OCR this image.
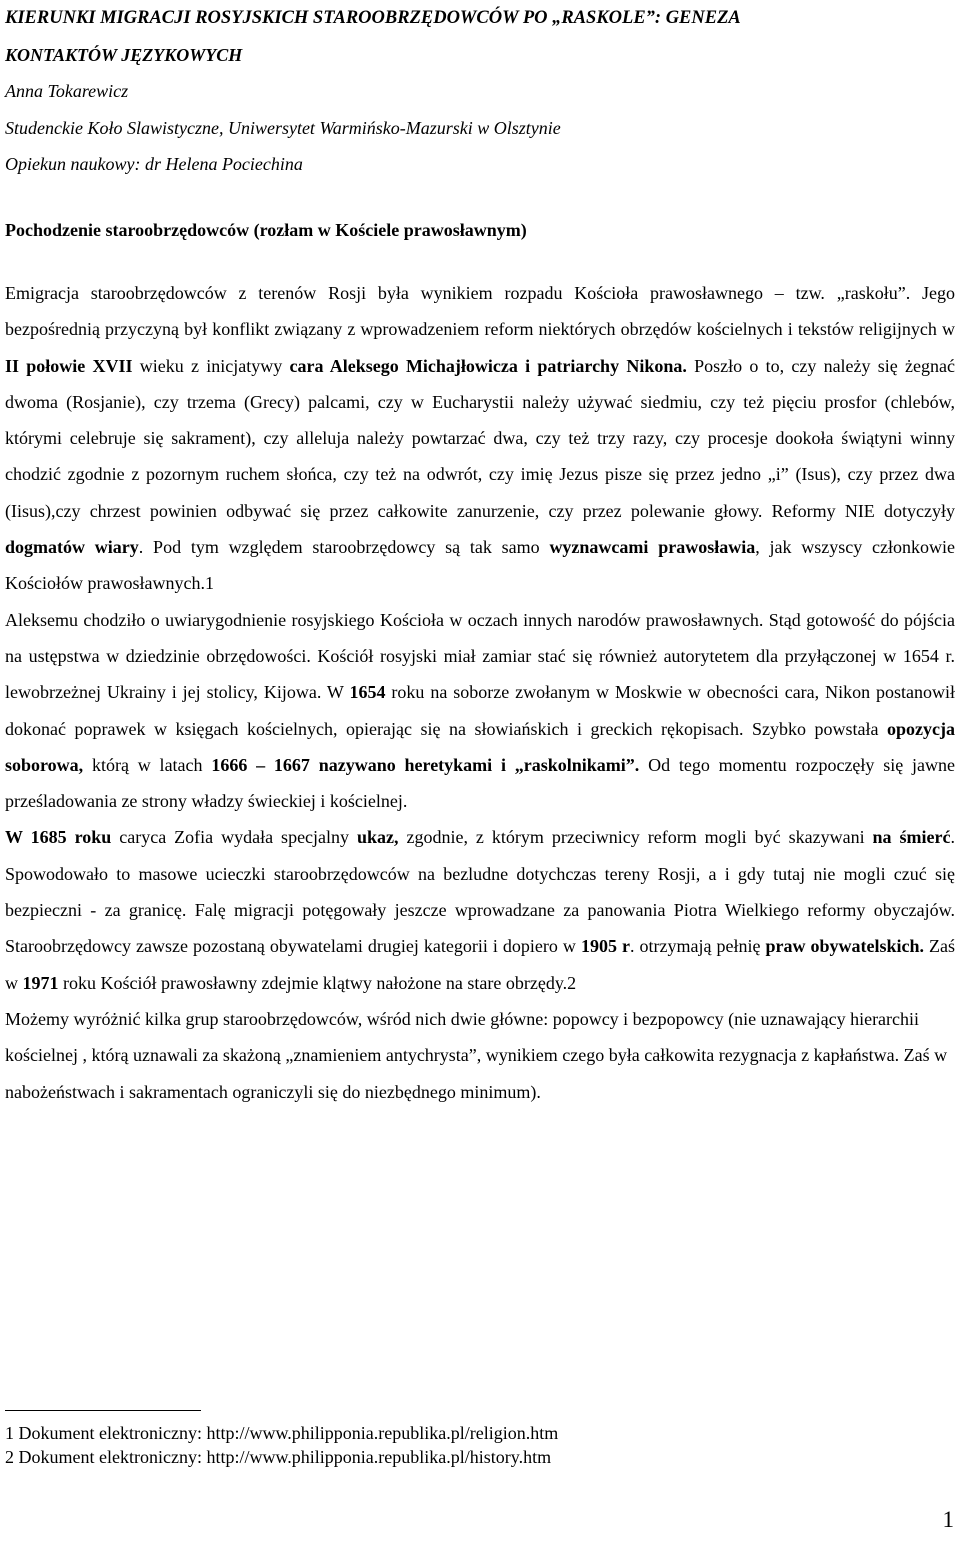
KIERUNKI MIGRACJI ROSYJSKICH STAROOBRZĘDOWCÓW PO „RASKOLE”: GENEZA

KONTAKTÓW JĘZYKOWYCH

Anna Tokarewicz

Studenckie Koło Slawistyczne, Uniwersytet Warmińsko-Mazurski w Olsztynie

Opiekun naukowy: dr Helena Pociechina

Pochodzenie staroobrzędowców (rozłam w Kościele prawosławnym)

Emigracja staroobrzędowców z terenów Rosji była wynikiem rozpadu Kościoła prawosławnego – tzw. „raskołu”. Jego bezpośrednią przyczyną był konflikt związany z wprowadzeniem reform niektórych obrzędów kościelnych i tekstów religijnych w II połowie XVII wieku z inicjatywy cara Aleksego Michajłowicza i patriarchy Nikona. Poszło o to, czy należy się żegnać dwoma (Rosjanie), czy trzema (Grecy) palcami, czy w Eucharystii należy używać siedmiu, czy też pięciu prosfor (chlebów, którymi celebruje się sakrament), czy alleluja należy powtarzać dwa, czy też trzy razy, czy procesje dookoła świątyni winny chodzić zgodnie z pozornym ruchem słońca, czy też na odwrót, czy imię Jezus pisze się przez jedno „i” (Isus), czy przez dwa (Iisus),czy chrzest powinien odbywać się przez całkowite zanurzenie, czy przez polewanie głowy. Reformy NIE dotyczyły dogmatów wiary. Pod tym względem staroobrzędowcy są tak samo wyznawcami prawosławia, jak wszyscy członkowie Kościołów prawosławnych.1

Aleksemu chodziło o uwiarygodnienie rosyjskiego Kościoła w oczach innych narodów prawosławnych. Stąd gotowość do pójścia na ustępstwa w dziedzinie obrzędowości. Kościół rosyjski miał zamiar stać się również autorytetem dla przyłączonej w 1654 r. lewobrzeżnej Ukrainy i jej stolicy, Kijowa. W 1654 roku na soborze zwołanym w Moskwie w obecności cara, Nikon postanowił dokonać poprawek w księgach kościelnych, opierając się na słowiańskich i greckich rękopisach. Szybko powstała opozycja soborowa, którą w latach 1666 – 1667 nazywano heretykami i „raskolnikami”. Od tego momentu rozpoczęły się jawne prześladowania ze strony władzy świeckiej i kościelnej.

W 1685 roku caryca Zofia wydała specjalny ukaz, zgodnie, z którym przeciwnicy reform mogli być skazywani na śmierć. Spowodowało to masowe ucieczki staroobrzędowców na bezludne dotychczas tereny Rosji, a i gdy tutaj nie mogli czuć się bezpieczni - za granicę. Falę migracji potęgowały jeszcze wprowadzane za panowania Piotra Wielkiego reformy obyczajów. Staroobrzędowcy zawsze pozostaną obywatelami drugiej kategorii i dopiero w 1905 r. otrzymają pełnię praw obywatelskich. Zaś w 1971 roku Kościół prawosławny zdejmie klątwy nałożone na stare obrzędy.2

Możemy wyróżnić kilka grup staroobrzędowców, wśród nich dwie główne: popowcy i bezpopowcy (nie uznawający hierarchii kościelnej , którą uznawali za skażoną „znamieniem antychrysta”, wynikiem czego była całkowita rezygnacja z kapłaństwa. Zaś w nabożeństwach i sakramentach ograniczyli się do niezbędnego minimum).

1 Dokument elektroniczny: http://www.philipponia.republika.pl/religion.htm
2 Dokument elektroniczny: http://www.philipponia.republika.pl/history.htm
1
